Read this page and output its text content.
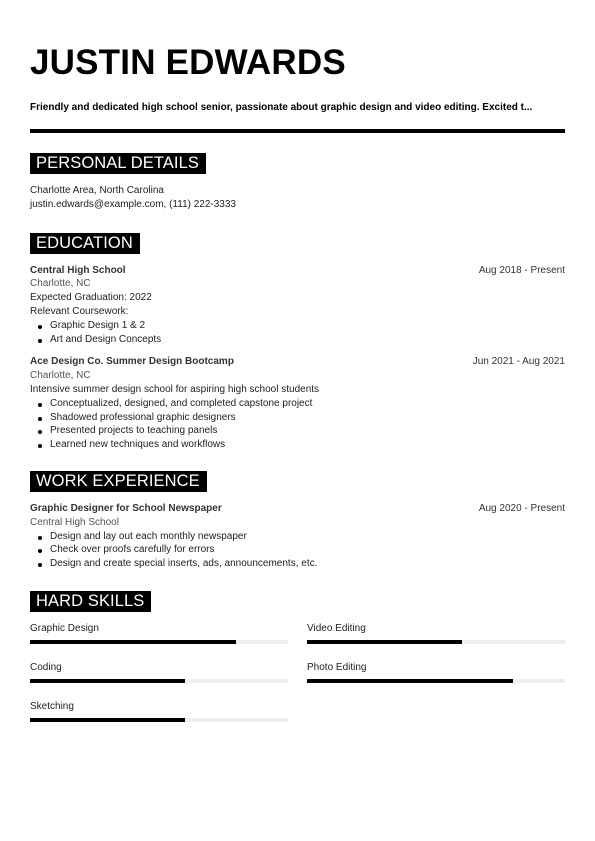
JUSTIN EDWARDS
Friendly and dedicated high school senior, passionate about graphic design and video editing. Excited t...
PERSONAL DETAILS
Charlotte Area, North Carolina
justin.edwards@example.com, (111) 222-3333
EDUCATION
Central High School	Aug 2018 - Present
Charlotte, NC
Expected Graduation: 2022
Relevant Coursework:
Graphic Design 1 & 2
Art and Design Concepts
Ace Design Co. Summer Design Bootcamp	Jun 2021 - Aug 2021
Charlotte, NC
Intensive summer design school for aspiring high school students
Conceptualized, designed, and completed capstone project
Shadowed professional graphic designers
Presented projects to teaching panels
Learned new techniques and workflows
WORK EXPERIENCE
Graphic Designer for School Newspaper	Aug 2020 - Present
Central High School
Design and lay out each monthly newspaper
Check over proofs carefully for errors
Design and create special inserts, ads, announcements, etc.
HARD SKILLS
Graphic Design	Video Editing
Coding	Photo Editing
Sketching
